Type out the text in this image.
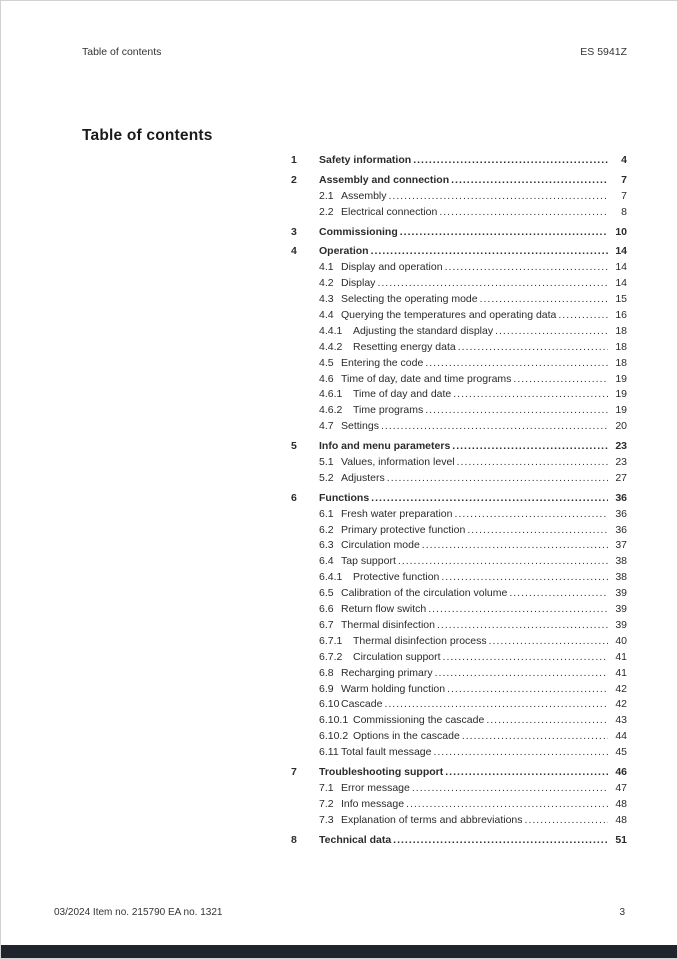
Table of contents	ES 5941Z
Table of contents
1	Safety information .....	4
2	Assembly and connection .....	7
2.1 Assembly .....	7
2.2 Electrical connection .....	8
3	Commissioning .....	10
4	Operation .....	14
4.1 Display and operation .....	14
4.2 Display .....	14
4.3 Selecting the operating mode .....	15
4.4 Querying the temperatures and operating data .....	16
4.4.1	Adjusting the standard display .....	18
4.4.2	Resetting energy data .....	18
4.5 Entering the code .....	18
4.6 Time of day, date and time programs .....	19
4.6.1	Time of day and date .....	19
4.6.2	Time programs .....	19
4.7 Settings .....	20
5	Info and menu parameters .....	23
5.1 Values, information level .....	23
5.2 Adjusters .....	27
6	Functions .....	36
6.1 Fresh water preparation .....	36
6.2 Primary protective function .....	36
6.3 Circulation mode .....	37
6.4 Tap support .....	38
6.4.1	Protective function .....	38
6.5 Calibration of the circulation volume .....	39
6.6 Return flow switch .....	39
6.7 Thermal disinfection .....	39
6.7.1	Thermal disinfection process .....	40
6.7.2	Circulation support .....	41
6.8 Recharging primary .....	41
6.9 Warm holding function .....	42
6.10 Cascade .....	42
6.10.1 Commissioning the cascade .....	43
6.10.2 Options in the cascade .....	44
6.11 Total fault message .....	45
7	Troubleshooting support .....	46
7.1 Error message .....	47
7.2 Info message .....	48
7.3 Explanation of terms and abbreviations .....	48
8	Technical data .....	51
03/2024 Item no. 215790 EA no. 1321	3
